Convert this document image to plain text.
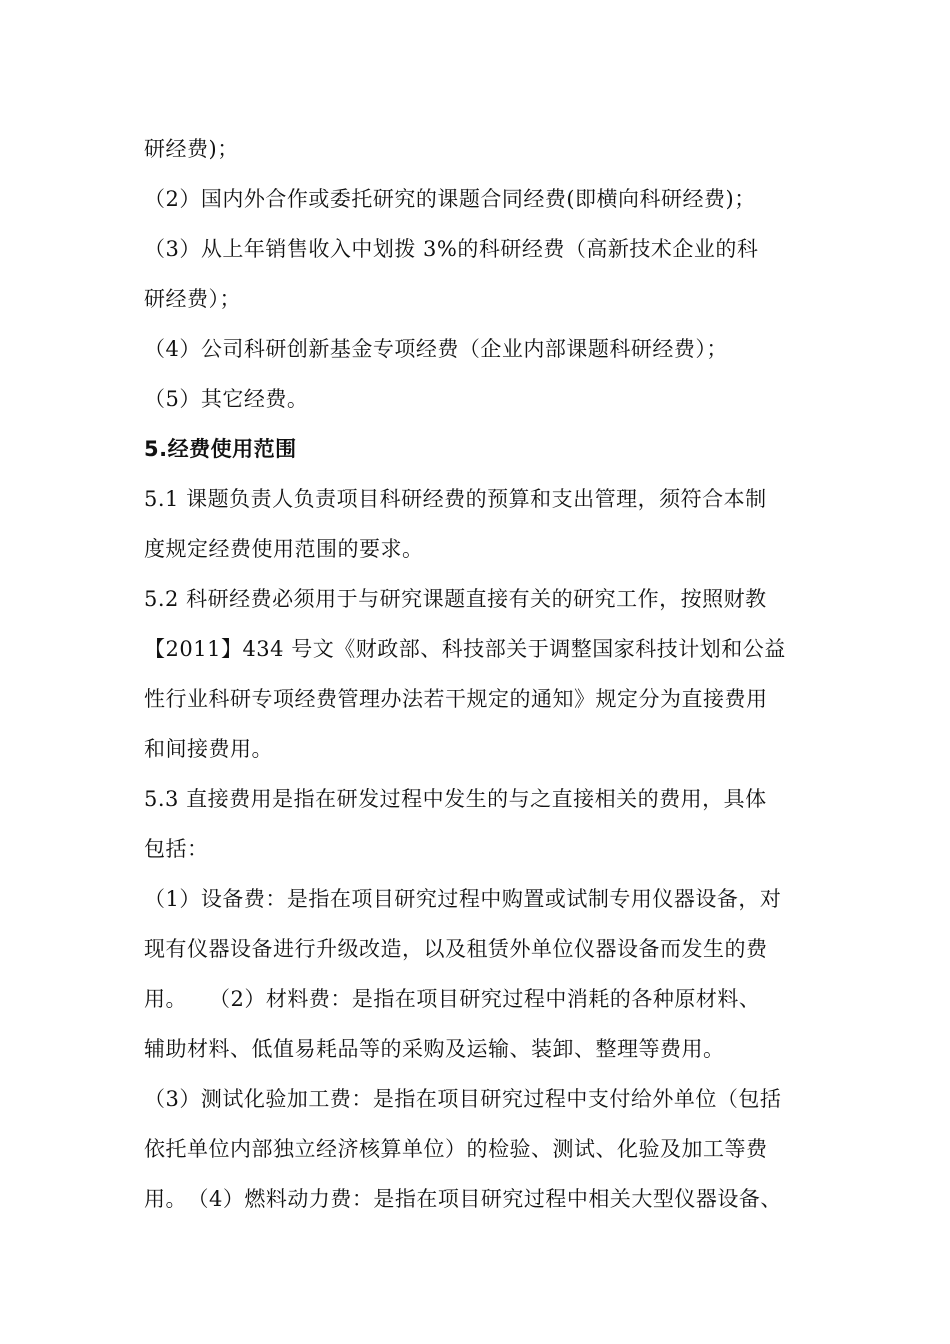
研经费)；
（2）国内外合作或委托研究的课题合同经费(即横向科研经费)；
（3）从上年销售收入中划拨 3%的科研经费（高新技术企业的科
研经费）；
（4）公司科研创新基金专项经费（企业内部课题科研经费）；
（5）其它经费。
5.经费使用范围
5.1 课题负责人负责项目科研经费的预算和支出管理，须符合本制
度规定经费使用范围的要求。
5.2 科研经费必须用于与研究课题直接有关的研究工作，按照财教
【2011】434 号文《财政部、科技部关于调整国家科技计划和公益
性行业科研专项经费管理办法若干规定的通知》规定分为直接费用
和间接费用。
5.3 直接费用是指在研发过程中发生的与之直接相关的费用，具体
包括：
（1）设备费：是指在项目研究过程中购置或试制专用仪器设备，对
现有仪器设备进行升级改造，以及租赁外单位仪器设备而发生的费
用。　　（2）材料费：是指在项目研究过程中消耗的各种原材料、
辅助材料、低值易耗品等的采购及运输、装卸、整理等费用。
（3）测试化验加工费：是指在项目研究过程中支付给外单位（包括
依托单位内部独立经济核算单位）的检验、测试、化验及加工等费
用。　（4）燃料动力费：是指在项目研究过程中相关大型仪器设备、
